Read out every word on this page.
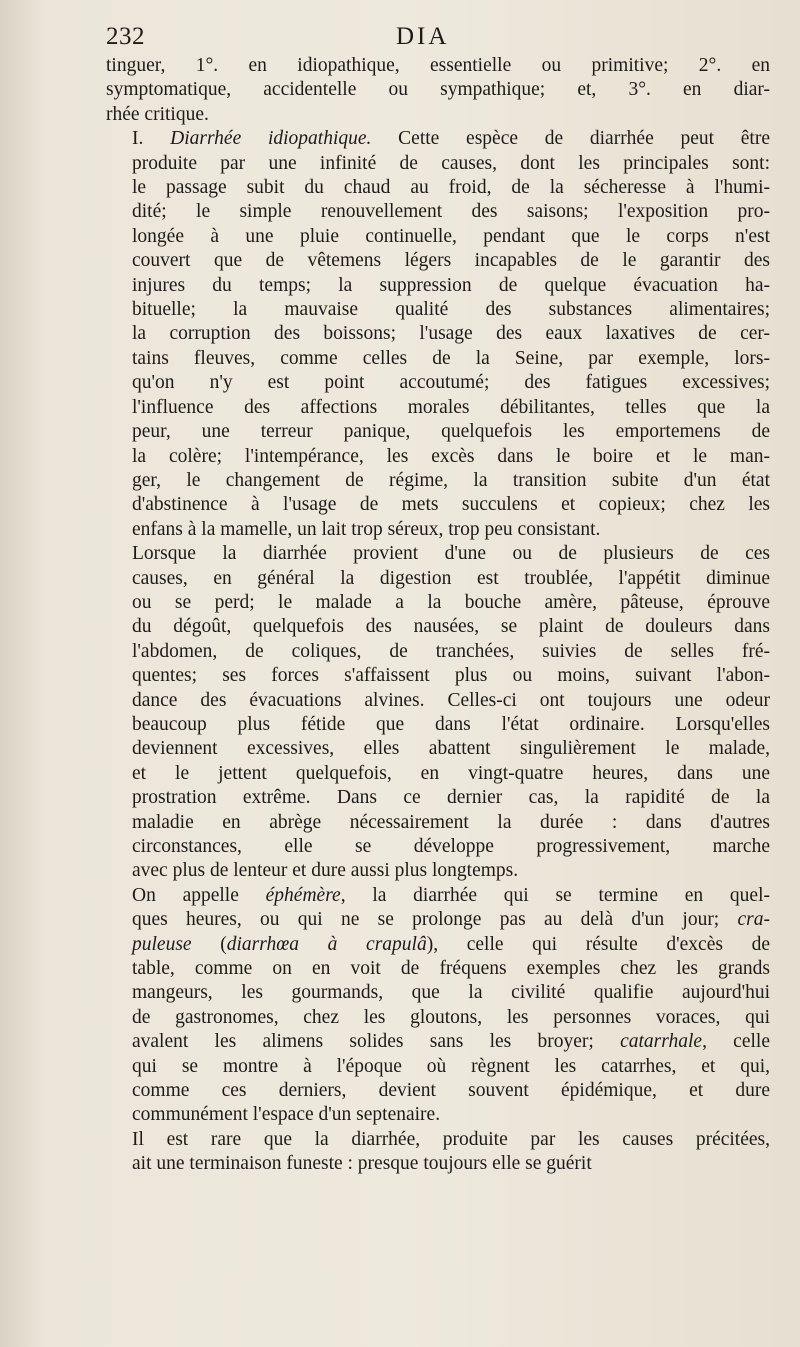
232	DIA

tinguer, 1°. en idiopathique, essentielle ou primitive; 2°. en
symptomatique, accidentelle ou sympathique; et, 3°. en diar-
rhée critique.

I. Diarrhée idiopathique. Cette espèce de diarrhée peut être
produite par une infinité de causes, dont les principales sont:
le passage subit du chaud au froid, de la sécheresse à l'humi-
dité; le simple renouvellement des saisons; l'exposition pro-
longée à une pluie continuelle, pendant que le corps n'est
couvert que de vêtemens légers incapables de le garantir des
injures du temps; la suppression de quelque évacuation ha-
bituelle; la mauvaise qualité des substances alimentaires;
la corruption des boissons; l'usage des eaux laxatives de cer-
tains fleuves, comme celles de la Seine, par exemple, lors-
qu'on n'y est point accoutumé; des fatigues excessives;
l'influence des affections morales débilitantes, telles que la
peur, une terreur panique, quelquefois les emportemens de
la colère; l'intempérance, les excès dans le boire et le man-
ger, le changement de régime, la transition subite d'un état
d'abstinence à l'usage de mets succulens et copieux; chez les
enfans à la mamelle, un lait trop séreux, trop peu consistant.

Lorsque la diarrhée provient d'une ou de plusieurs de ces
causes, en général la digestion est troublée, l'appétit diminue
ou se perd; le malade a la bouche amère, pâteuse, éprouve
du dégoût, quelquefois des nausées, se plaint de douleurs dans
l'abdomen, de coliques, de tranchées, suivies de selles fré-
quentes; ses forces s'affaissent plus ou moins, suivant l'abon-
dance des évacuations alvines. Celles-ci ont toujours une odeur
beaucoup plus fétide que dans l'état ordinaire. Lorsqu'elles
deviennent excessives, elles abattent singulièrement le malade,
et le jettent quelquefois, en vingt-quatre heures, dans une
prostration extrême. Dans ce dernier cas, la rapidité de la
maladie en abrège nécessairement la durée : dans d'autres
circonstances, elle se développe progressivement, marche
avec plus de lenteur et dure aussi plus longtemps.

On appelle éphémère, la diarrhée qui se termine en quel-
ques heures, ou qui ne se prolonge pas au delà d'un jour; cra-
puleuse (diarrhœa à crapulâ), celle qui résulte d'excès de
table, comme on en voit de fréquens exemples chez les grands
mangeurs, les gourmands, que la civilité qualifie aujourd'hui
de gastronomes, chez les gloutons, les personnes voraces, qui
avalent les alimens solides sans les broyer; catarrhale, celle
qui se montre à l'époque où règnent les catarrhes, et qui,
comme ces derniers, devient souvent épidémique, et dure
communément l'espace d'un septenaire.

Il est rare que la diarrhée, produite par les causes précitées,
ait une terminaison funeste : presque toujours elle se guérit
